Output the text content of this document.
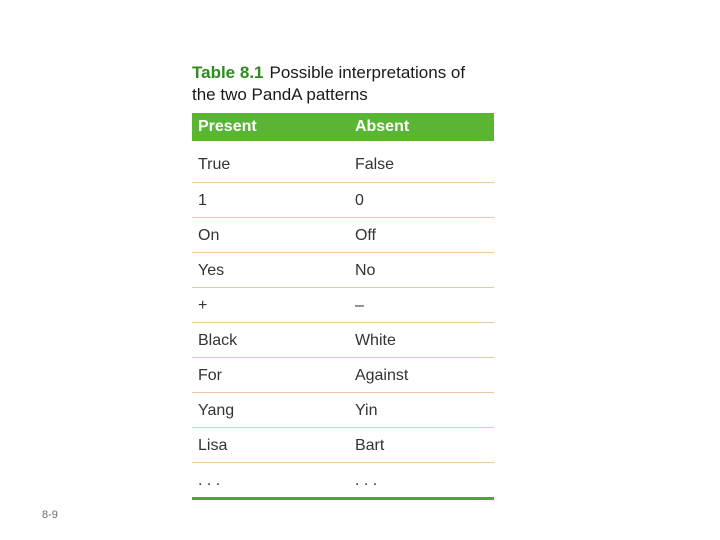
Table 8.1 Possible interpretations of
the two PandA patterns
Present	Absent
True	False
1	0
On	Off
Yes	No
+	–
Black	White
For	Against
Yang	Yin
Lisa	Bart
. . .	. . .
8-9
